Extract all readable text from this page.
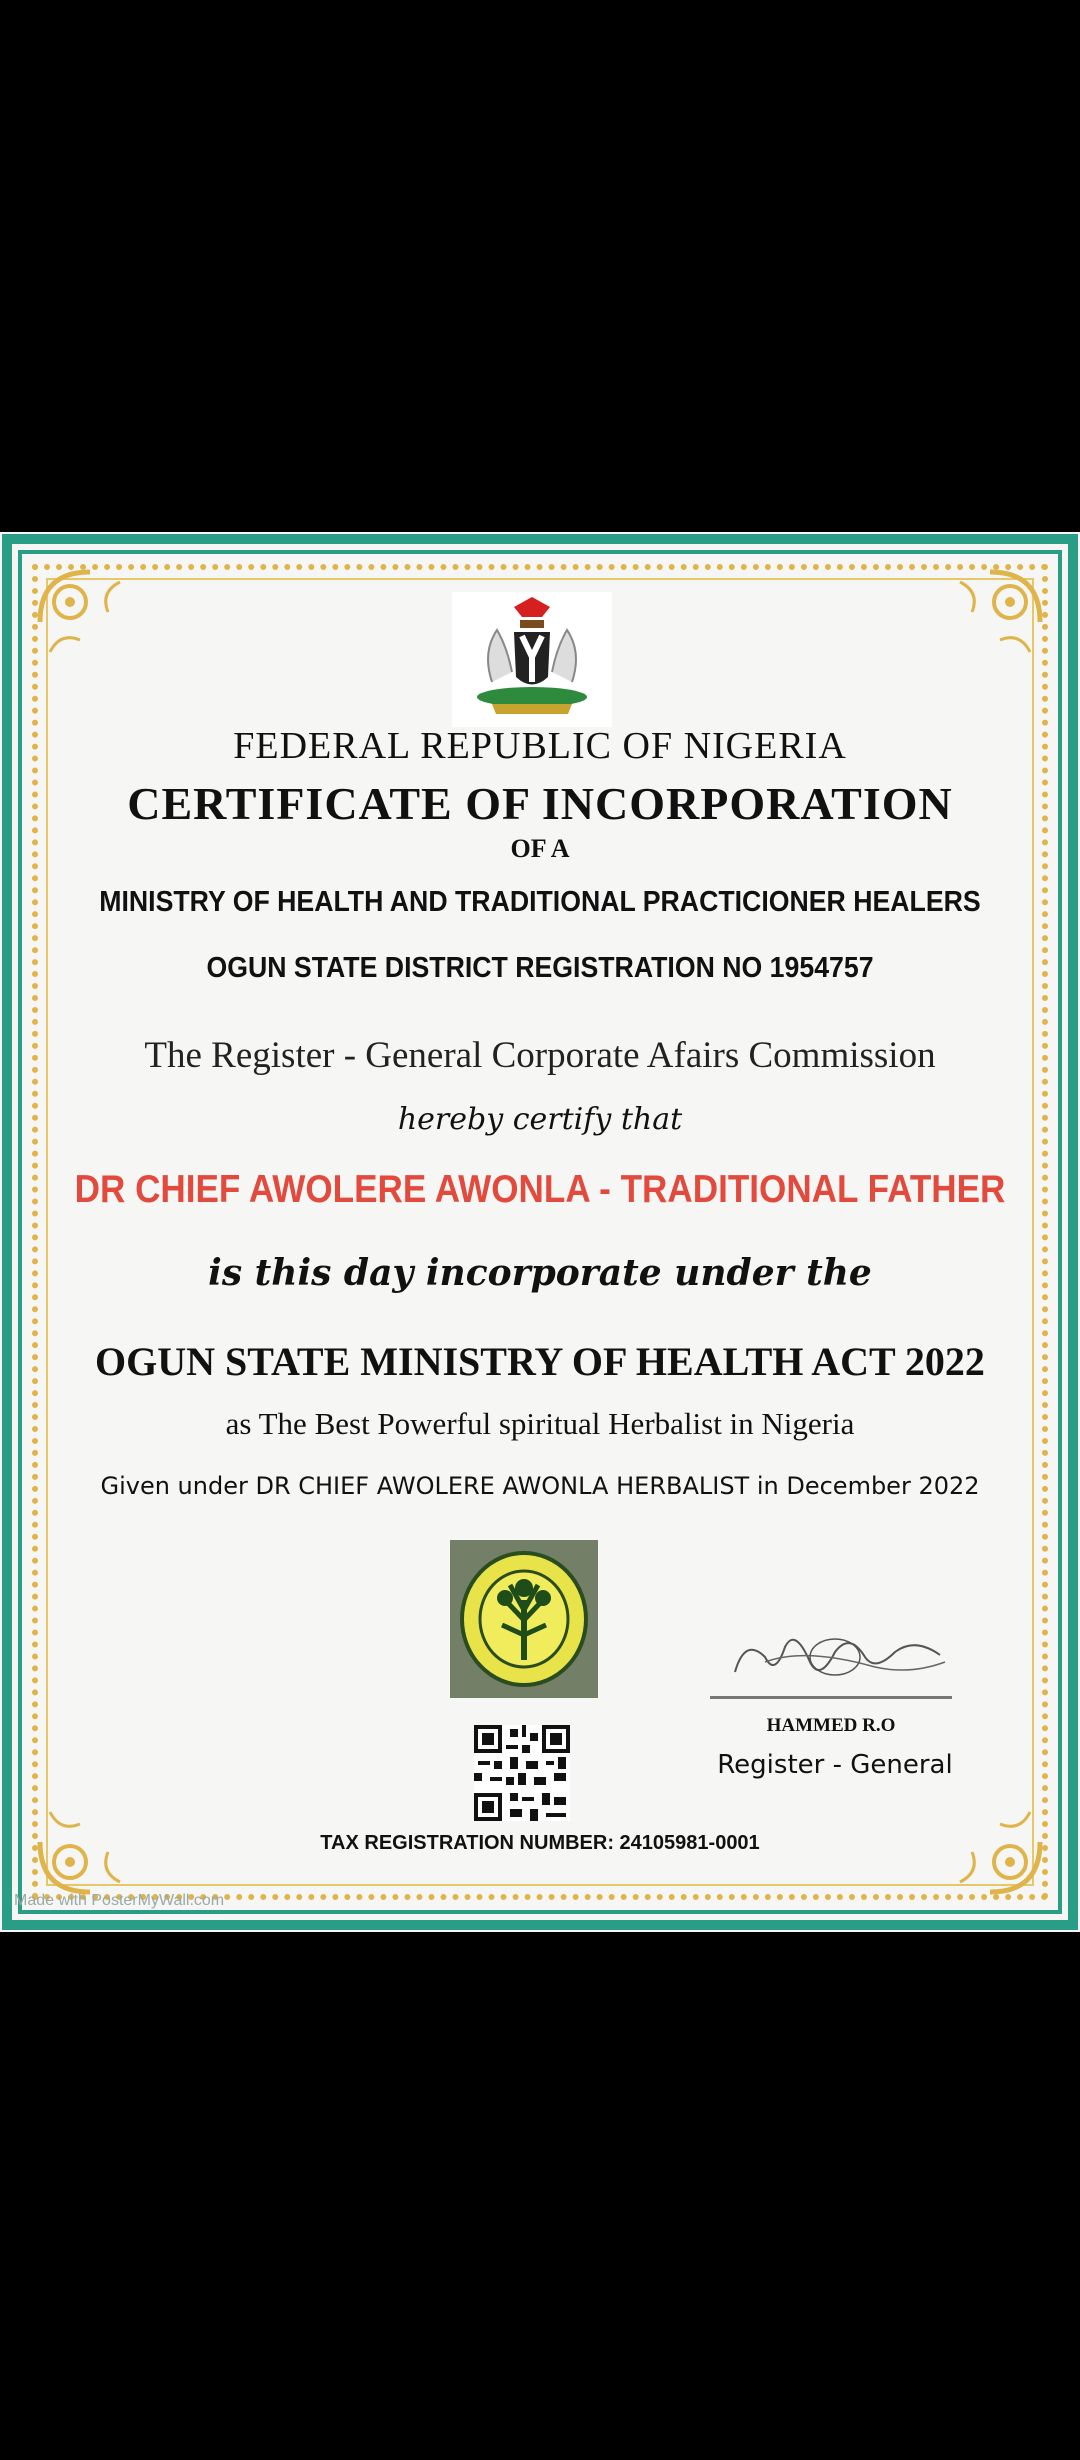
FEDERAL REPUBLIC OF NIGERIA
CERTIFICATE OF INCORPORATION
OF A
MINISTRY OF HEALTH AND TRADITIONAL PRACTICIONER HEALERS
OGUN STATE DISTRICT REGISTRATION NO 1954757
The Register - General Corporate Afairs Commission
hereby certify that
DR CHIEF AWOLERE AWONLA - TRADITIONAL FATHER
is this day incorporate under the
OGUN STATE MINISTRY OF HEALTH ACT 2022
as The Best Powerful spiritual Herbalist in Nigeria
Given under DR CHIEF AWOLERE AWONLA HERBALIST in December 2022
HAMMED R.O
Register - General
TAX REGISTRATION NUMBER: 24105981-0001
Made with PosterMyWall.com
